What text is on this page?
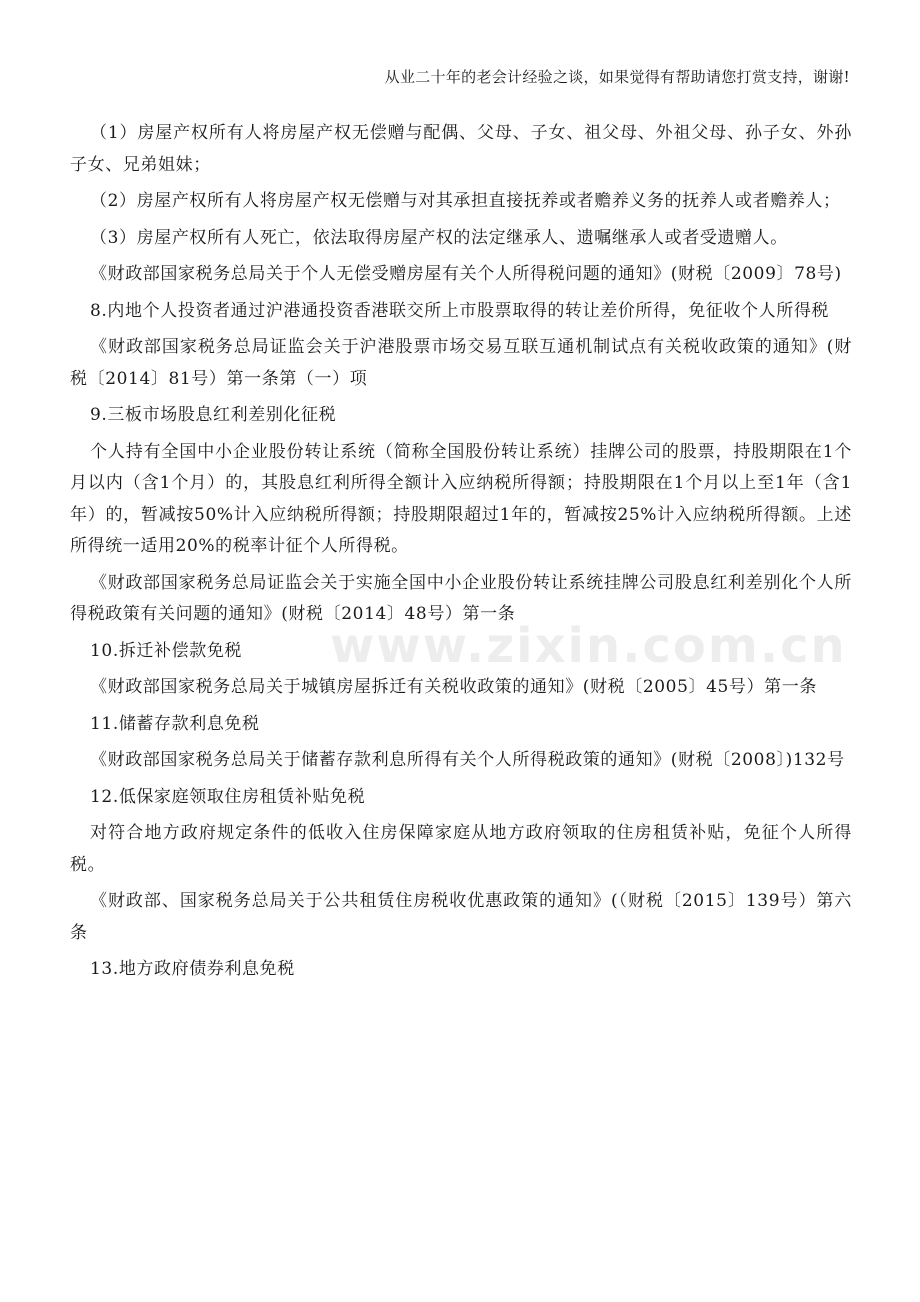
从业二十年的老会计经验之谈，如果觉得有帮助请您打赏支持，谢谢!
www.zixin.com.cn

（1）房屋产权所有人将房屋产权无偿赠与配偶、父母、子女、祖父母、外祖父母、孙子女、外孙子女、兄弟姐妹；

（2）房屋产权所有人将房屋产权无偿赠与对其承担直接抚养或者赡养义务的抚养人或者赡养人；

（3）房屋产权所有人死亡，依法取得房屋产权的法定继承人、遗嘱继承人或者受遗赠人。

《财政部国家税务总局关于个人无偿受赠房屋有关个人所得税问题的通知》(财税〔2009〕78号)

8.内地个人投资者通过沪港通投资香港联交所上市股票取得的转让差价所得，免征收个人所得税

《财政部国家税务总局证监会关于沪港股票市场交易互联互通机制试点有关税收政策的通知》(财税〔2014〕81号）第一条第（一）项

9.三板市场股息红利差别化征税

个人持有全国中小企业股份转让系统（简称全国股份转让系统）挂牌公司的股票，持股期限在1个月以内（含1个月）的，其股息红利所得全额计入应纳税所得额；持股期限在1个月以上至1年（含1年）的，暂减按50%计入应纳税所得额；持股期限超过1年的，暂减按25%计入应纳税所得额。上述所得统一适用20%的税率计征个人所得税。

《财政部国家税务总局证监会关于实施全国中小企业股份转让系统挂牌公司股息红利差别化个人所得税政策有关问题的通知》(财税〔2014〕48号）第一条

10.拆迁补偿款免税

《财政部国家税务总局关于城镇房屋拆迁有关税收政策的通知》(财税〔2005〕45号）第一条

11.储蓄存款利息免税

《财政部国家税务总局关于储蓄存款利息所得有关个人所得税政策的通知》(财税〔2008〕)132号

12.低保家庭领取住房租赁补贴免税

对符合地方政府规定条件的低收入住房保障家庭从地方政府领取的住房租赁补贴，免征个人所得税。

《财政部、国家税务总局关于公共租赁住房税收优惠政策的通知》(（财税〔2015〕139号）第六条

13.地方政府债券利息免税
